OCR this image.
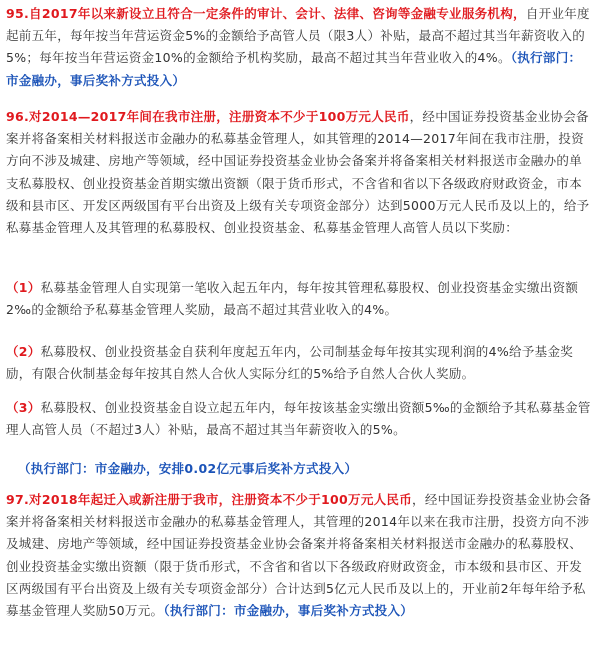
95.自2017年以来新设立且符合一定条件的审计、会计、法律、咨询等金融专业服务机构，自开业年度起前五年，每年按当年营运资金5%的金额给予高管人员（限3人）补贴，最高不超过其当年薪资收入的5%；每年按当年营运资金10%的金额给予机构奖励，最高不超过其当年营业收入的4%。（执行部门：市金融办，事后奖补方式投入）

96.对2014—2017年间在我市注册，注册资本不少于100万元人民币，经中国证券投资基金业协会备案并将备案相关材料报送市金融办的私募基金管理人，如其管理的2014—2017年间在我市注册，投资方向不涉及城建、房地产等领域，经中国证券投资基金业协会备案并将备案相关材料报送市金融办的单支私募股权、创业投资基金首期实缴出资额（限于货币形式，不含省和省以下各级政府财政资金，市本级和县市区、开发区两级国有平台出资及上级有关专项资金部分）达到5000万元人民币及以上的，给予私募基金管理人及其管理的私募股权、创业投资基金、私募基金管理人高管人员以下奖励：

（1）私募基金管理人自实现第一笔收入起五年内，每年按其管理私募股权、创业投资基金实缴出资额2‰的金额给予私募基金管理人奖励，最高不超过其营业收入的4%。

（2）私募股权、创业投资基金自获利年度起五年内，公司制基金每年按其实现利润的4%给予基金奖励，有限合伙制基金每年按其自然人合伙人实际分红的5%给予自然人合伙人奖励。

（3）私募股权、创业投资基金自设立起五年内，每年按该基金实缴出资额5‰的金额给予其私募基金管理人高管人员（不超过3人）补贴，最高不超过其当年薪资收入的5%。

（执行部门：市金融办，安排0.02亿元事后奖补方式投入）

97.对2018年起迁入或新注册于我市，注册资本不少于100万元人民币，经中国证券投资基金业协会备案并将备案相关材料报送市金融办的私募基金管理人，其管理的2014年以来在我市注册，投资方向不涉及城建、房地产等领域，经中国证券投资基金业协会备案并将备案相关材料报送市金融办的私募股权、创业投资基金实缴出资额（限于货币形式，不含省和省以下各级政府财政资金，市本级和县市区、开发区两级国有平台出资及上级有关专项资金部分）合计达到5亿元人民币及以上的，开业前2年每年给予私募基金管理人奖励50万元。（执行部门：市金融办，事后奖补方式投入）
